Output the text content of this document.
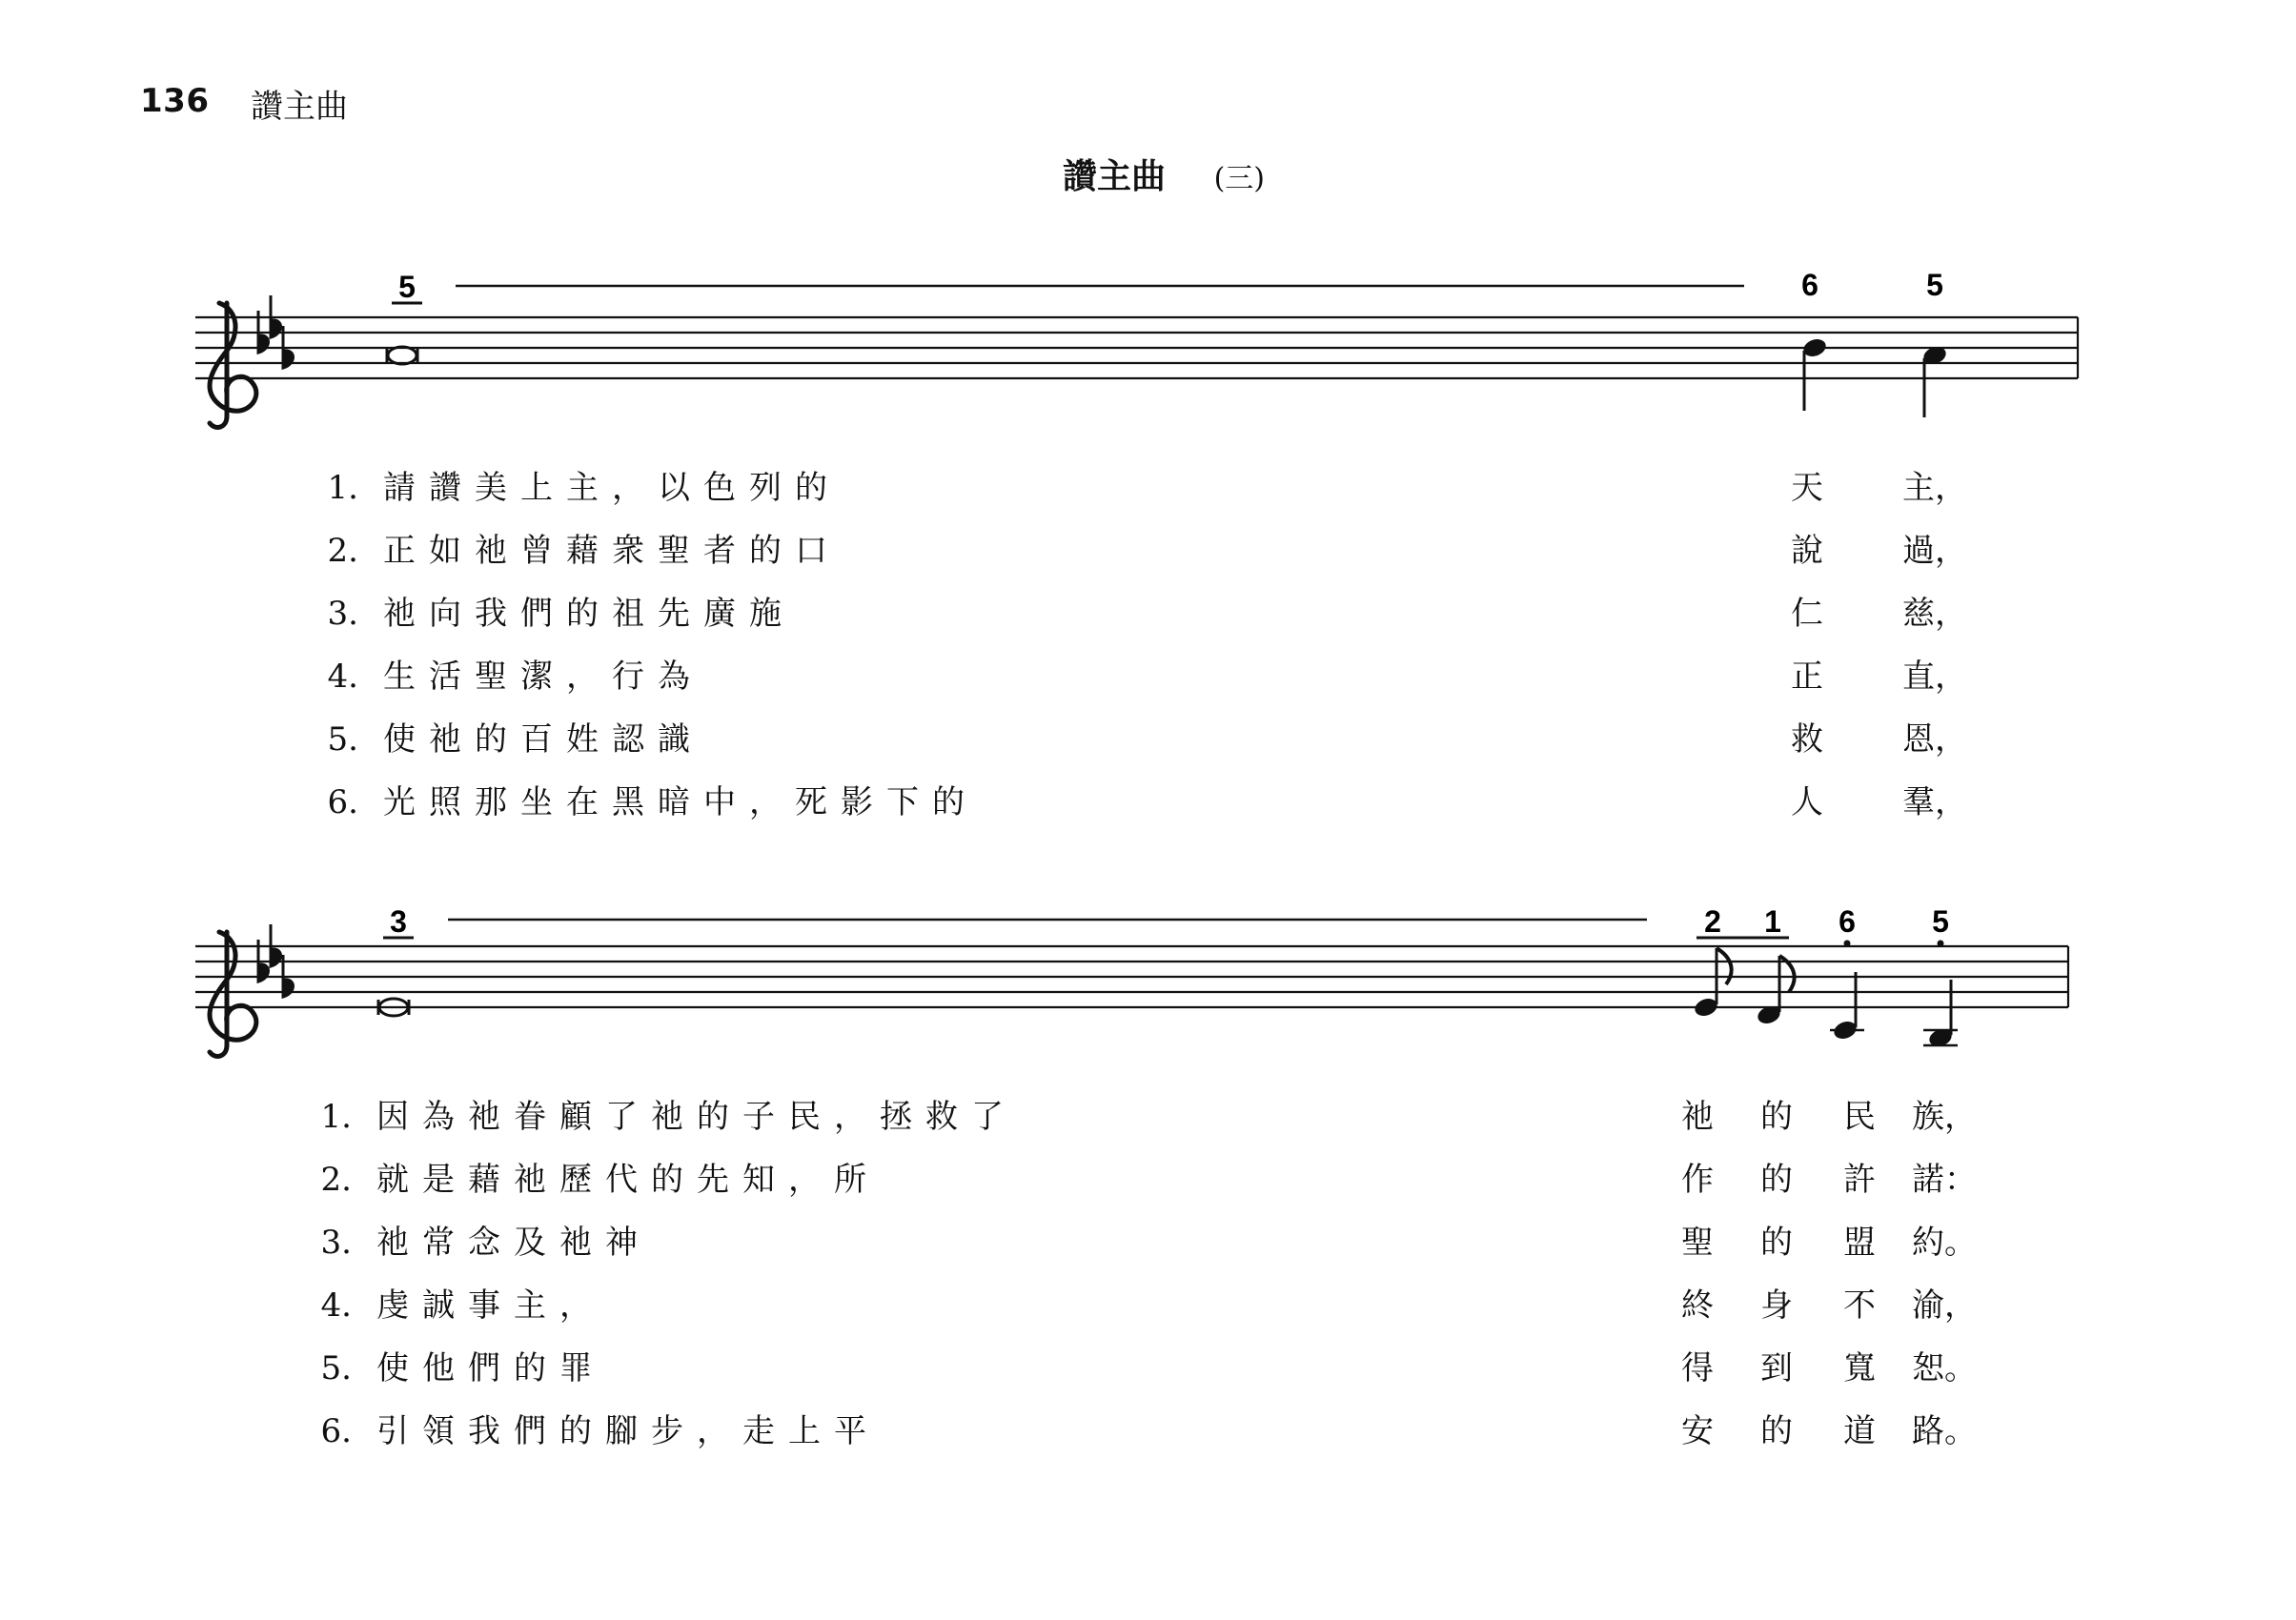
136 讚主曲
讚主曲 (三)
5	6	5
1. 請讚美上主，以色列的	天	主，
2. 正如祂曾藉衆聖者的口	說	過，
3. 祂向我們的祖先廣施	仁	慈，
4. 生活聖潔，行為	正	直，
5. 使祂的百姓認識	救	恩，
6. 光照那坐在黑暗中，死影下的	人	羣，
3	2 1 6	5
1. 因為祂眷顧了祂的子民，拯救了	祂	的	民	族，
2. 就是藉祂歷代的先知，所	作	的	許	諾：
3. 祂常念及祂神	聖	的	盟	約。
4. 虔誠事主，	終	身	不	渝，
5. 使他們的罪	得	到	寬	恕。
6. 引領我們的腳步，走上平	安	的	道	路。
